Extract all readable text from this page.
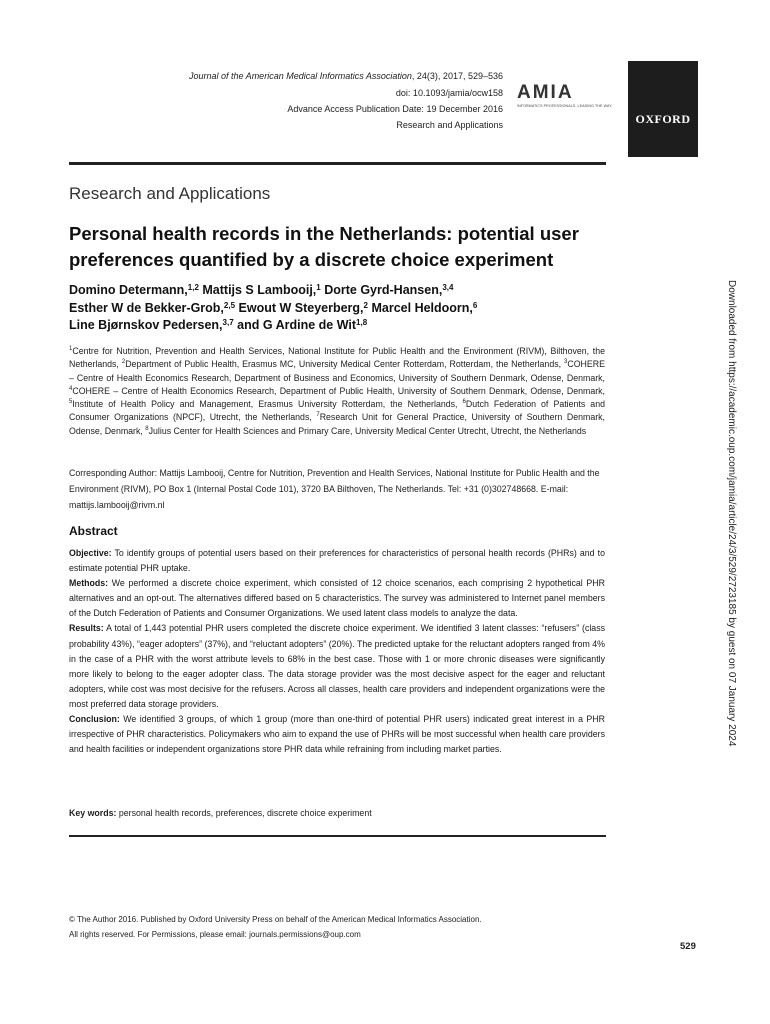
Journal of the American Medical Informatics Association, 24(3), 2017, 529–536
doi: 10.1093/jamia/ocw158
Advance Access Publication Date: 19 December 2016
Research and Applications
AMIA
INFORMATICS PROFESSIONALS. LEADING THE WAY.
OXFORD
Research and Applications
Personal health records in the Netherlands: potential user preferences quantified by a discrete choice experiment
Domino Determann,$^{1,2}$ Mattijs S Lambooij,$^1$ Dorte Gyrd-Hansen,$^{3,4}$
Esther W de Bekker-Grob,$^{2,5}$ Ewout W Steyerberg,$^2$ Marcel Heldoorn,$^6$
Line Bjørnskov Pedersen,$^{3,7}$ and G Ardine de Wit$^{1,8}$
$^1$Centre for Nutrition, Prevention and Health Services, National Institute for Public Health and the Environment (RIVM), Bilthoven, the Netherlands, $^2$Department of Public Health, Erasmus MC, University Medical Center Rotterdam, Rotterdam, the Netherlands, $^3$COHERE – Centre of Health Economics Research, Department of Business and Economics, University of Southern Denmark, Odense, Denmark, $^4$COHERE – Centre of Health Economics Research, Department of Public Health, University of Southern Denmark, Odense, Denmark, $^5$Institute of Health Policy and Management, Erasmus University Rotterdam, the Netherlands, $^6$Dutch Federation of Patients and Consumer Organizations (NPCF), Utrecht, the Netherlands, $^7$Research Unit for General Practice, University of Southern Denmark, Odense, Denmark, $^8$Julius Center for Health Sciences and Primary Care, University Medical Center Utrecht, Utrecht, the Netherlands
Corresponding Author: Mattijs Lambooij, Centre for Nutrition, Prevention and Health Services, National Institute for Public Health and the Environment (RIVM), PO Box 1 (Internal Postal Code 101), 3720 BA Bilthoven, The Netherlands. Tel: +31 (0)302748668. E-mail: mattijs.lambooij@rivm.nl
Abstract

Objective: To identify groups of potential users based on their preferences for characteristics of personal health records (PHRs) and to estimate potential PHR uptake.

Methods: We performed a discrete choice experiment, which consisted of 12 choice scenarios, each comprising 2 hypothetical PHR alternatives and an opt-out. The alternatives differed based on 5 characteristics. The survey was administered to Internet panel members of the Dutch Federation of Patients and Consumer Organizations. We used latent class models to analyze the data.

Results: A total of 1,443 potential PHR users completed the discrete choice experiment. We identified 3 latent classes: “refusers” (class probability 43%), “eager adopters” (37%), and “reluctant adopters” (20%). The predicted uptake for the reluctant adopters ranged from 4% in the case of a PHR with the worst attribute levels to 68% in the best case. Those with 1 or more chronic diseases were significantly more likely to belong to the eager adopter class. The data storage provider was the most decisive aspect for the eager and reluctant adopters, while cost was most decisive for the refusers. Across all classes, health care providers and independent organizations were the most preferred data storage providers.

Conclusion: We identified 3 groups, of which 1 group (more than one-third of potential PHR users) indicated great interest in a PHR irrespective of PHR characteristics. Policymakers who aim to expand the use of PHRs will be most successful when health care providers and health facilities or independent organizations store PHR data while refraining from including market parties.

Key words: personal health records, preferences, discrete choice experiment
© The Author 2016. Published by Oxford University Press on behalf of the American Medical Informatics Association.
All rights reserved. For Permissions, please email: journals.permissions@oup.com
529
Downloaded from https://academic.oup.com/jamia/article/24/3/529/2723185 by guest on 07 January 2024
